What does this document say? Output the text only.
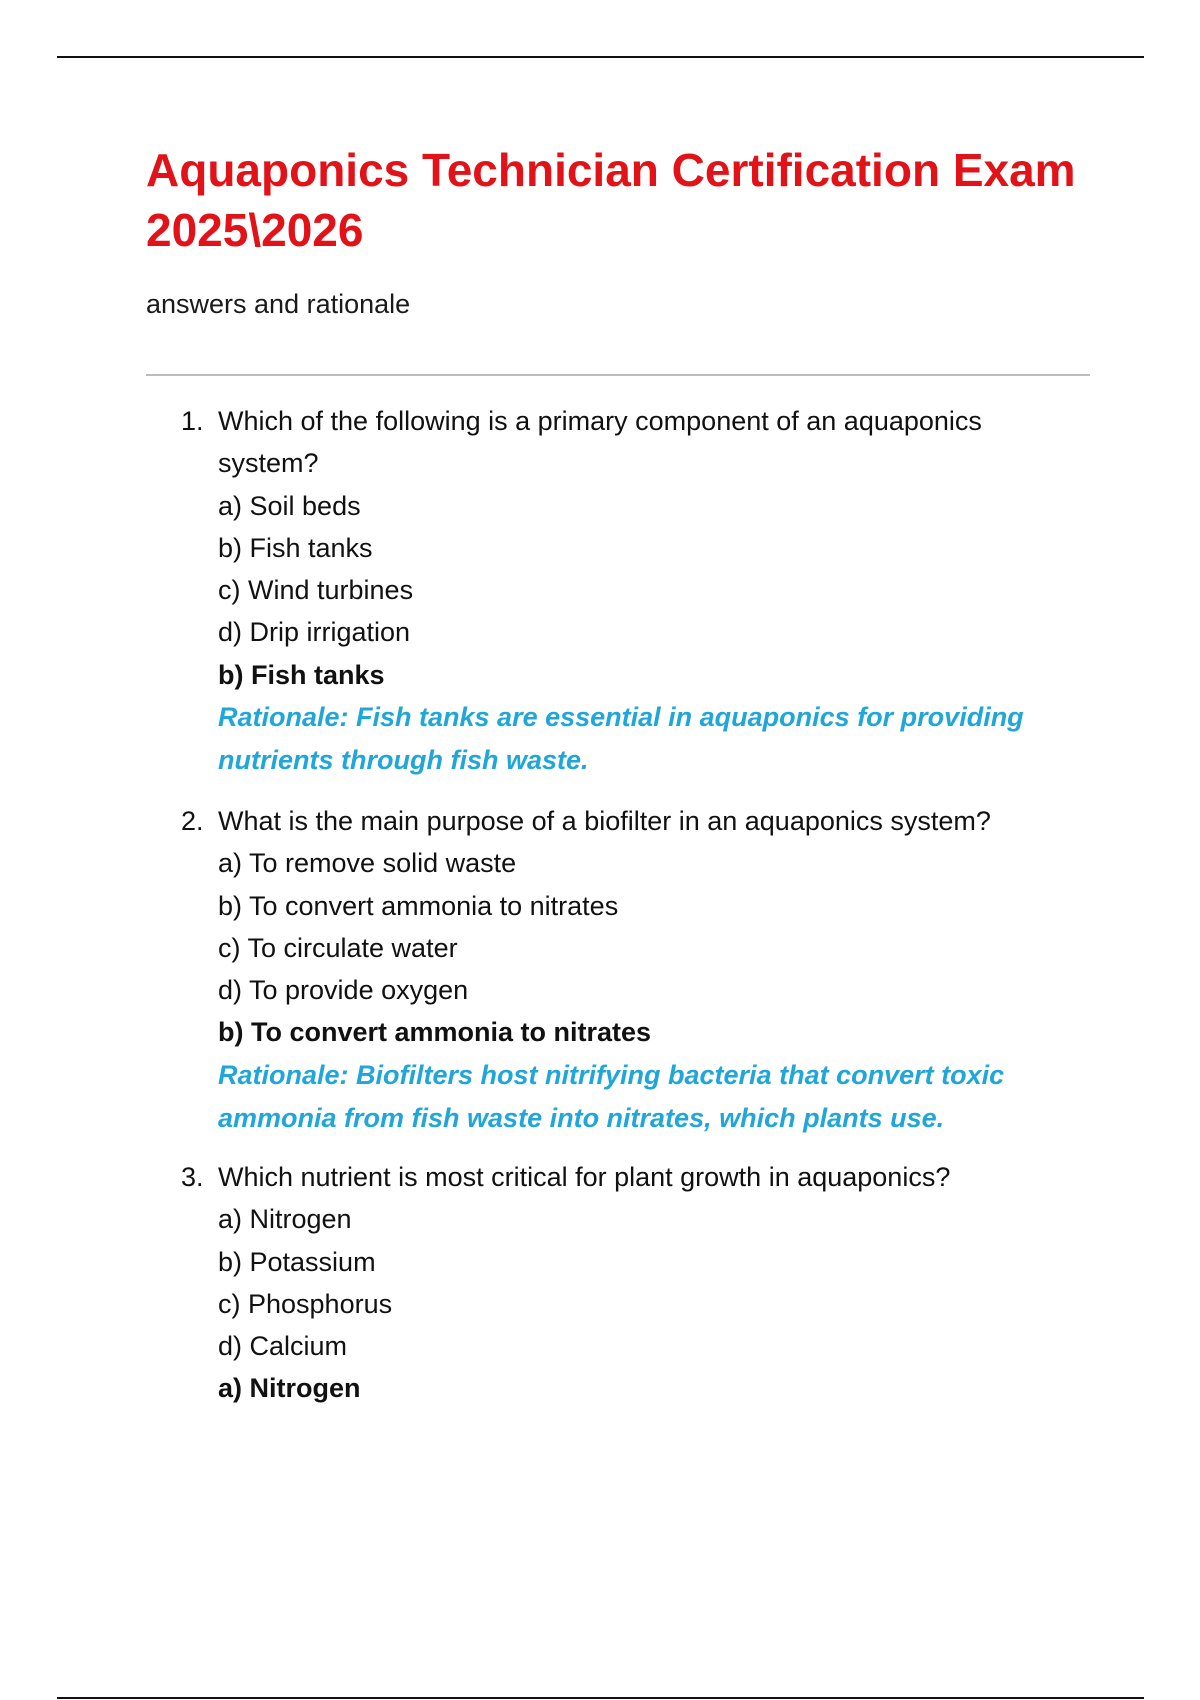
Aquaponics Technician Certification Exam 2025\2026

answers and rationale

1. Which of the following is a primary component of an aquaponics system?
a) Soil beds
b) Fish tanks
c) Wind turbines
d) Drip irrigation
b) Fish tanks
Rationale: Fish tanks are essential in aquaponics for providing nutrients through fish waste.
2. What is the main purpose of a biofilter in an aquaponics system?
a) To remove solid waste
b) To convert ammonia to nitrates
c) To circulate water
d) To provide oxygen
b) To convert ammonia to nitrates
Rationale: Biofilters host nitrifying bacteria that convert toxic ammonia from fish waste into nitrates, which plants use.
3. Which nutrient is most critical for plant growth in aquaponics?
a) Nitrogen
b) Potassium
c) Phosphorus
d) Calcium
a) Nitrogen
